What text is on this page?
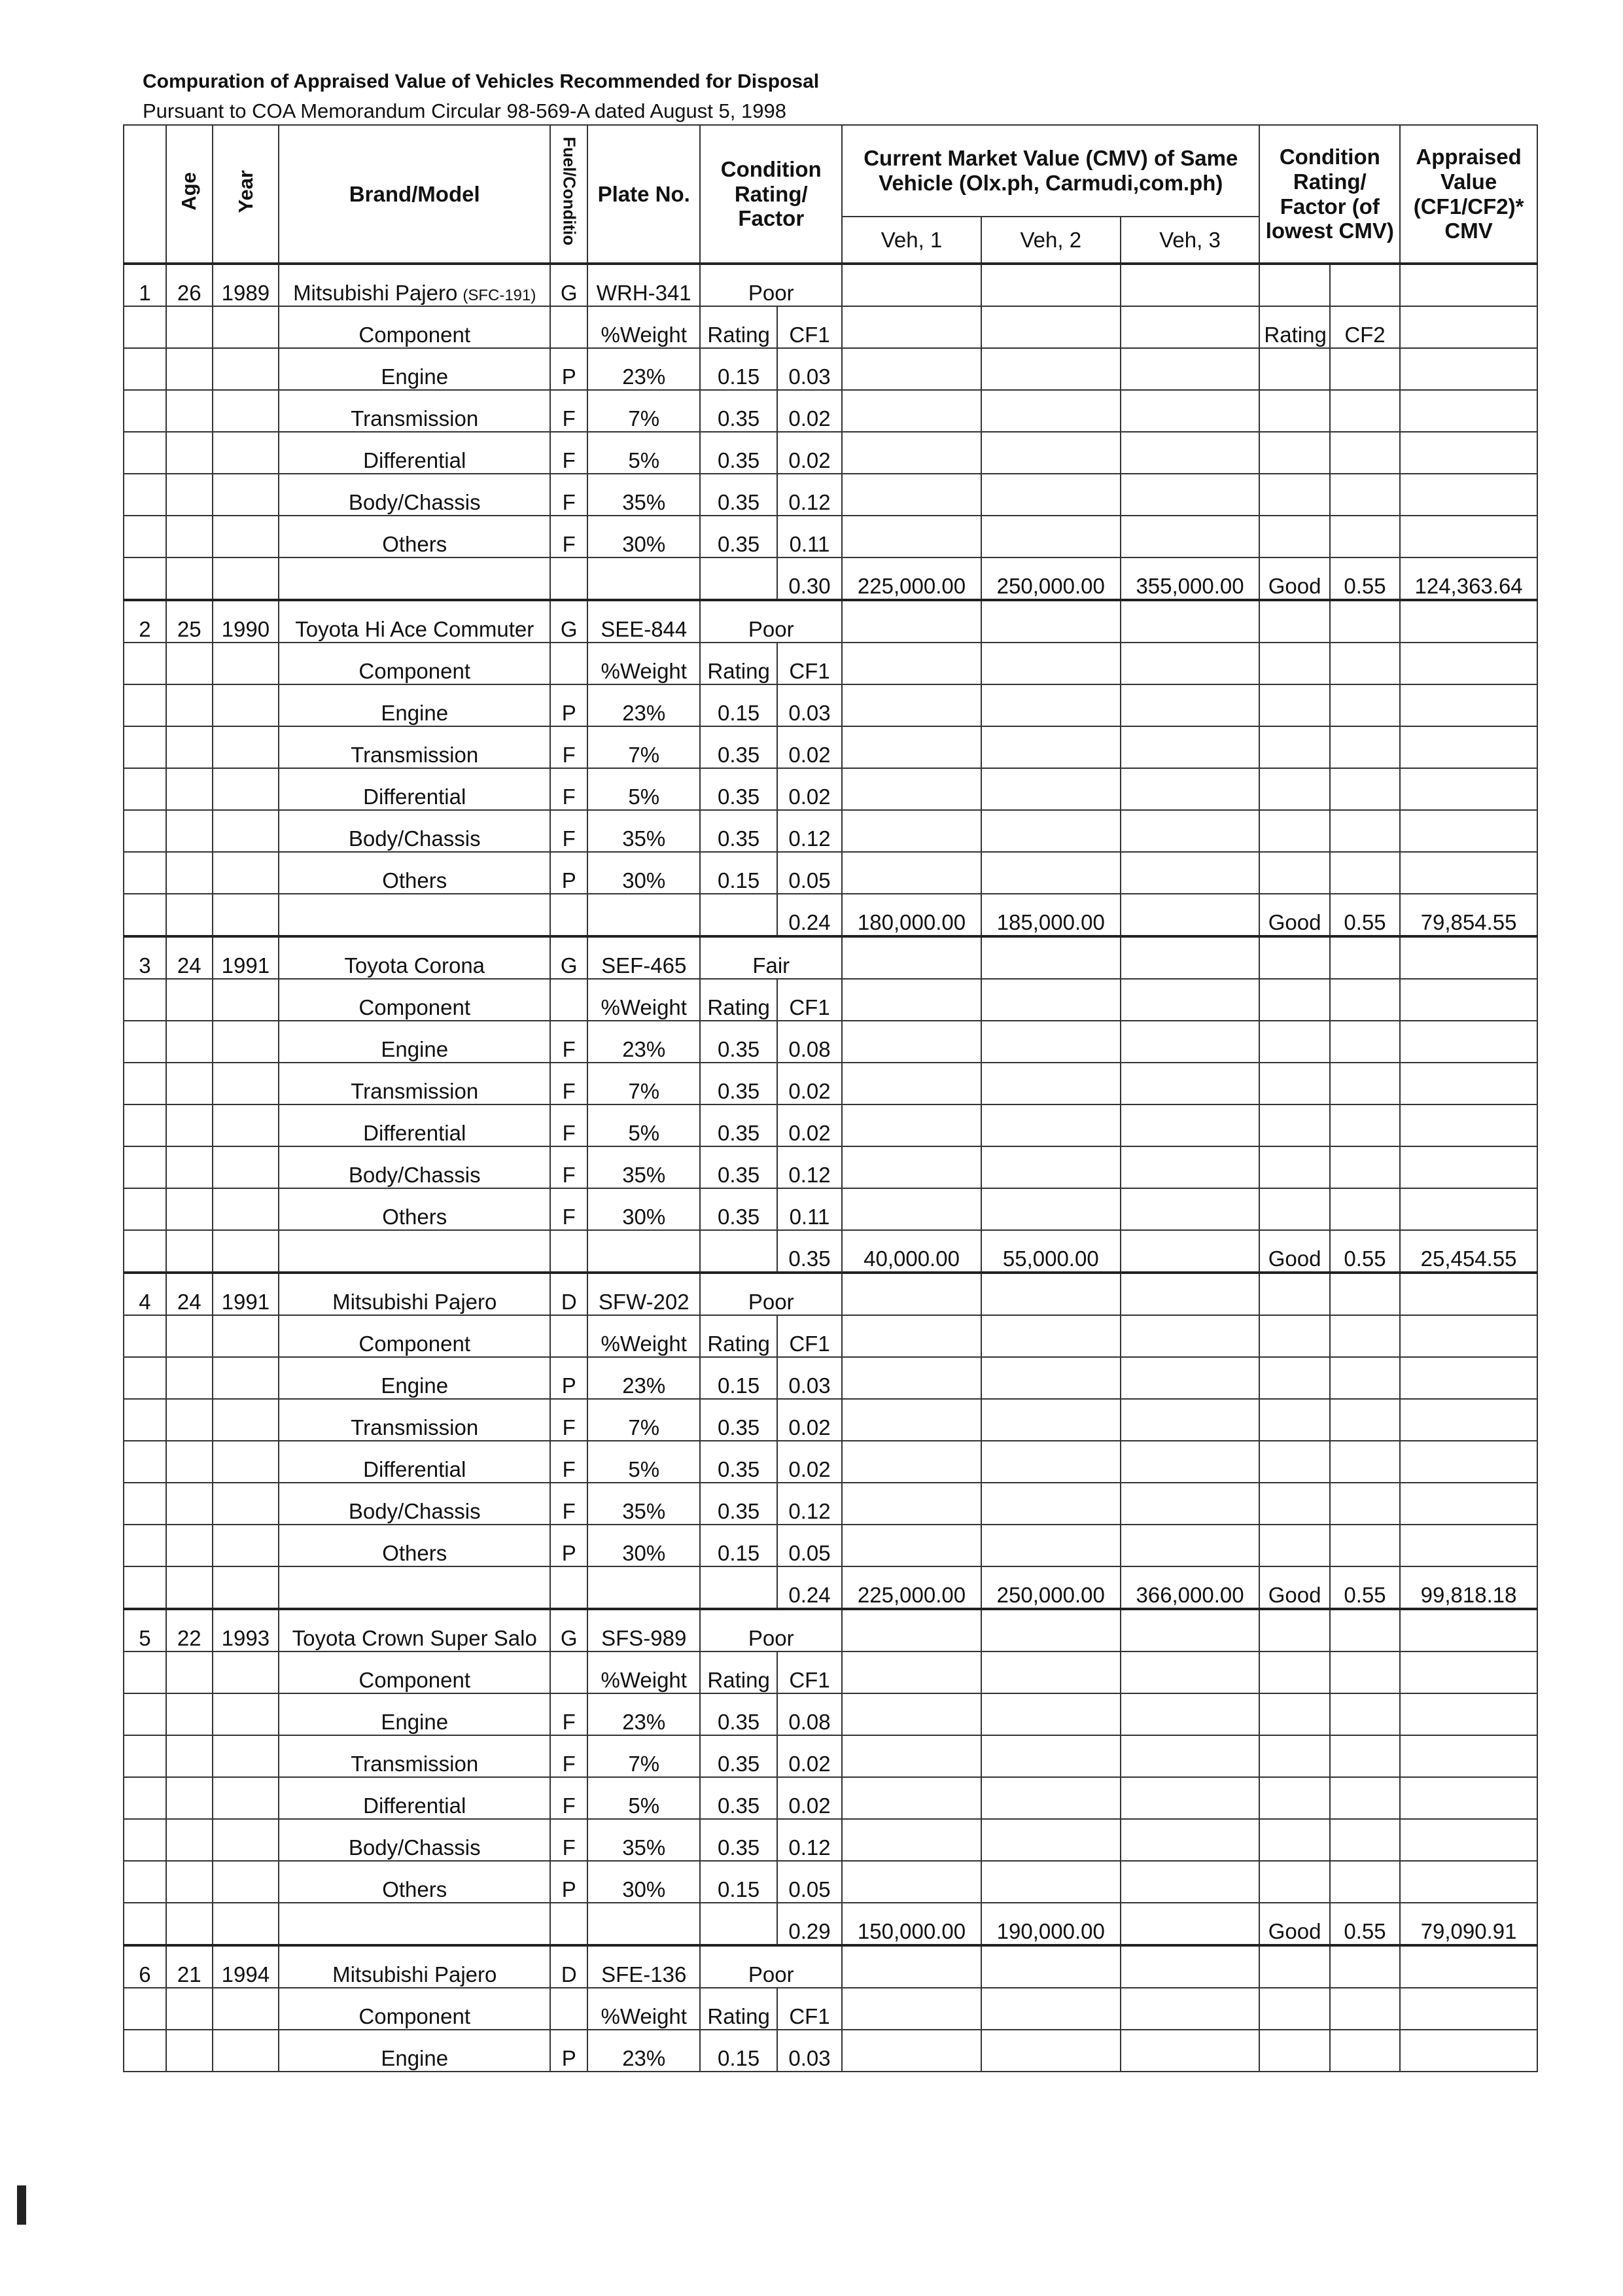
Compuration of Appraised Value of Vehicles Recommended for Disposal
Pursuant to COA Memorandum Circular 98-569-A dated August 5, 1998
	Age	Year	Brand/Model	Fuel/Conditio	Plate No.	Condition Rating/ Factor		Current Market Value (CMV) of Same Vehicle (Olx.ph, Carmudi,com.ph)			Condition Rating/ Factor (of lowest CMV)		Appraised Value (CF1/CF2)* CMV
								Veh, 1	Veh, 2	Veh, 3			
1	26	1989	Mitsubishi Pajero (SFC-191)	G	WRH-341	Poor							
			Component		%Weight	Rating	CF1				Rating	CF2	
			Engine	P	23%	0.15	0.03						
			Transmission	F	7%	0.35	0.02						
			Differential	F	5%	0.35	0.02						
			Body/Chassis	F	35%	0.35	0.12						
			Others	F	30%	0.35	0.11						
							0.30	225,000.00	250,000.00	355,000.00	Good	0.55	124,363.64
2	25	1990	Toyota Hi Ace Commuter	G	SEE-844	Poor							
			Component		%Weight	Rating	CF1						
			Engine	P	23%	0.15	0.03						
			Transmission	F	7%	0.35	0.02						
			Differential	F	5%	0.35	0.02						
			Body/Chassis	F	35%	0.35	0.12						
			Others	P	30%	0.15	0.05						
							0.24	180,000.00	185,000.00		Good	0.55	79,854.55
3	24	1991	Toyota Corona	G	SEF-465	Fair							
			Component		%Weight	Rating	CF1						
			Engine	F	23%	0.35	0.08						
			Transmission	F	7%	0.35	0.02						
			Differential	F	5%	0.35	0.02						
			Body/Chassis	F	35%	0.35	0.12						
			Others	F	30%	0.35	0.11						
							0.35	40,000.00	55,000.00		Good	0.55	25,454.55
4	24	1991	Mitsubishi Pajero	D	SFW-202	Poor							
			Component		%Weight	Rating	CF1						
			Engine	P	23%	0.15	0.03						
			Transmission	F	7%	0.35	0.02						
			Differential	F	5%	0.35	0.02						
			Body/Chassis	F	35%	0.35	0.12						
			Others	P	30%	0.15	0.05						
							0.24	225,000.00	250,000.00	366,000.00	Good	0.55	99,818.18
5	22	1993	Toyota Crown Super Salo	G	SFS-989	Poor							
			Component		%Weight	Rating	CF1						
			Engine	F	23%	0.35	0.08						
			Transmission	F	7%	0.35	0.02						
			Differential	F	5%	0.35	0.02						
			Body/Chassis	F	35%	0.35	0.12						
			Others	P	30%	0.15	0.05						
							0.29	150,000.00	190,000.00		Good	0.55	79,090.91
6	21	1994	Mitsubishi Pajero	D	SFE-136	Poor							
			Component		%Weight	Rating	CF1						
			Engine	P	23%	0.15	0.03						
